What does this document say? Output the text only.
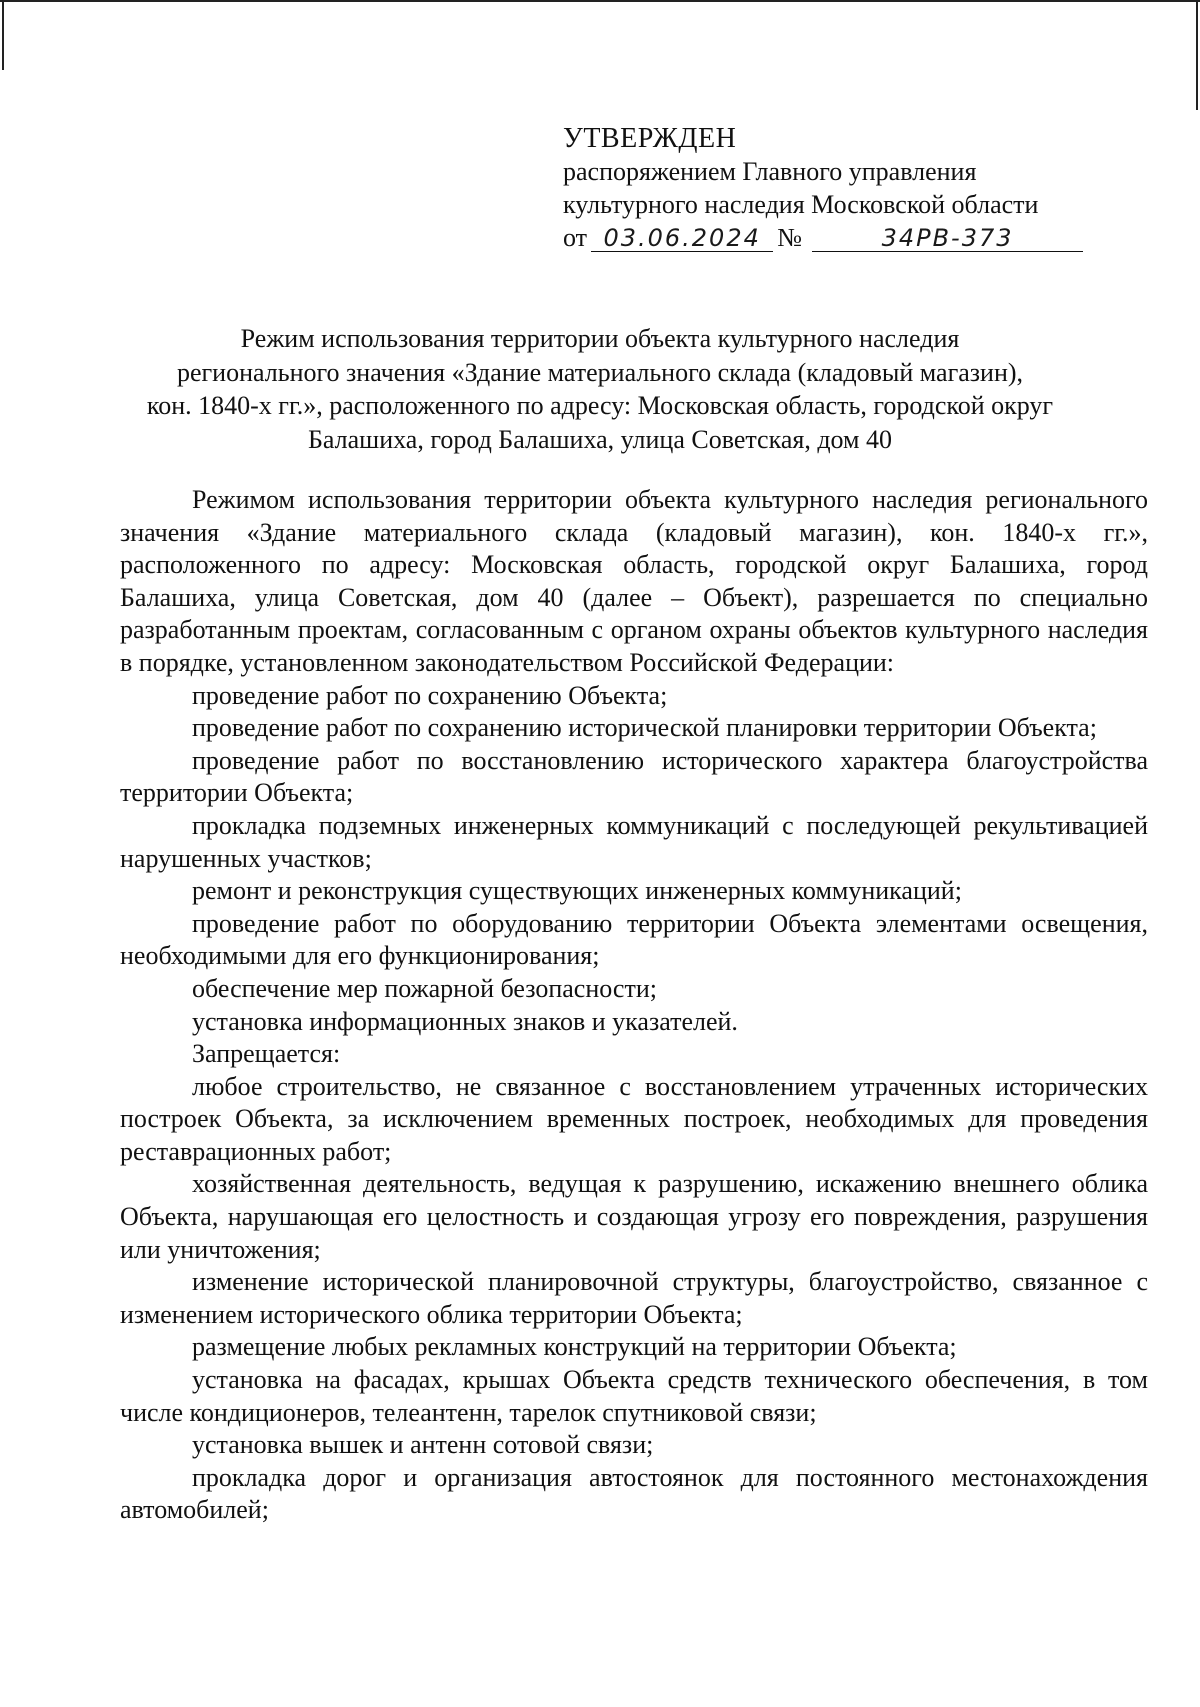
УТВЕРЖДЕН
распоряжением Главного управления
культурного наследия Московской области
от 03.06.2024 №	34РВ-373
Режим использования территории объекта культурного наследия
регионального значения «Здание материального склада (кладовый магазин),
кон. 1840-х гг.», расположенного по адресу: Московская область, городской округ
Балашиха, город Балашиха, улица Советская, дом 40

Режимом использования территории объекта культурного наследия регионального значения «Здание материального склада (кладовый магазин), кон. 1840-х гг.», расположенного по адресу: Московская область, городской округ Балашиха, город Балашиха, улица Советская, дом 40 (далее – Объект), разрешается по специально разработанным проектам, согласованным с органом охраны объектов культурного наследия в порядке, установленном законодательством Российской Федерации:

проведение работ по сохранению Объекта;

проведение работ по сохранению исторической планировки территории Объекта;

проведение работ по восстановлению исторического характера благоустройства территории Объекта;

прокладка подземных инженерных коммуникаций с последующей рекультивацией нарушенных участков;

ремонт и реконструкция существующих инженерных коммуникаций;

проведение работ по оборудованию территории Объекта элементами освещения, необходимыми для его функционирования;

обеспечение мер пожарной безопасности;

установка информационных знаков и указателей.

Запрещается:

любое строительство, не связанное с восстановлением утраченных исторических построек Объекта, за исключением временных построек, необходимых для проведения реставрационных работ;

хозяйственная деятельность, ведущая к разрушению, искажению внешнего облика Объекта, нарушающая его целостность и создающая угрозу его повреждения, разрушения или уничтожения;

изменение исторической планировочной структуры, благоустройство, связанное с изменением исторического облика территории Объекта;

размещение любых рекламных конструкций на территории Объекта;

установка на фасадах, крышах Объекта средств технического обеспечения, в том числе кондиционеров, телеантенн, тарелок спутниковой связи;

установка вышек и антенн сотовой связи;

прокладка дорог и организация автостоянок для постоянного местонахождения автомобилей;
